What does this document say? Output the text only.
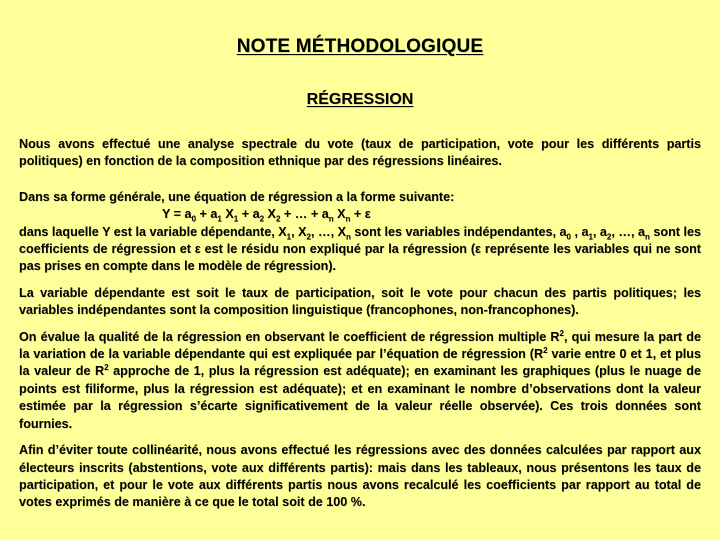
NOTE MÉTHODOLOGIQUE
RÉGRESSION

Nous avons effectué une analyse spectrale du vote (taux de participation, vote pour les différents partis politiques) en fonction de la composition ethnique par des régressions linéaires.

Dans sa forme générale, une équation de régression a la forme suivante:
$Y = a_0 + a_1$ $X_1 + a_2$ $X_2$ + … + $a_n$ $X_n + \varepsilon$
dans laquelle Y est la variable dépendante, $X_1$, $X_2$, …, $X_n$ sont les variables indépendantes, $a_0$ , $a_1$, $a_2$, …, $a_n$ sont les coefficients de régression et ε est le résidu non expliqué par la régression (ε représente les variables qui ne sont pas prises en compte dans le modèle de régression).

La variable dépendante est soit le taux de participation, soit le vote pour chacun des partis politiques; les variables indépendantes sont la composition linguistique (francophones, non-francophones).

On évalue la qualité de la régression en observant le coefficient de régression multiple $R^2$, qui mesure la part de la variation de la variable dépendante qui est expliquée par l’équation de régression ($R^2$ varie entre 0 et 1, et plus la valeur de $R^2$ approche de 1, plus la régression est adéquate); en examinant les graphiques (plus le nuage de points est filiforme, plus la régression est adéquate); et en examinant le nombre d’observations dont la valeur estimée par la régression s’écarte significativement de la valeur réelle observée). Ces trois données sont fournies.

Afin d’éviter toute collinéarité, nous avons effectué les régressions avec des données calculées par rapport aux électeurs inscrits (abstentions, vote aux différents partis): mais dans les tableaux, nous présentons les taux de participation, et pour le vote aux différents partis nous avons recalculé les coefficients par rapport au total de votes exprimés de manière à ce que le total soit de 100 %.
